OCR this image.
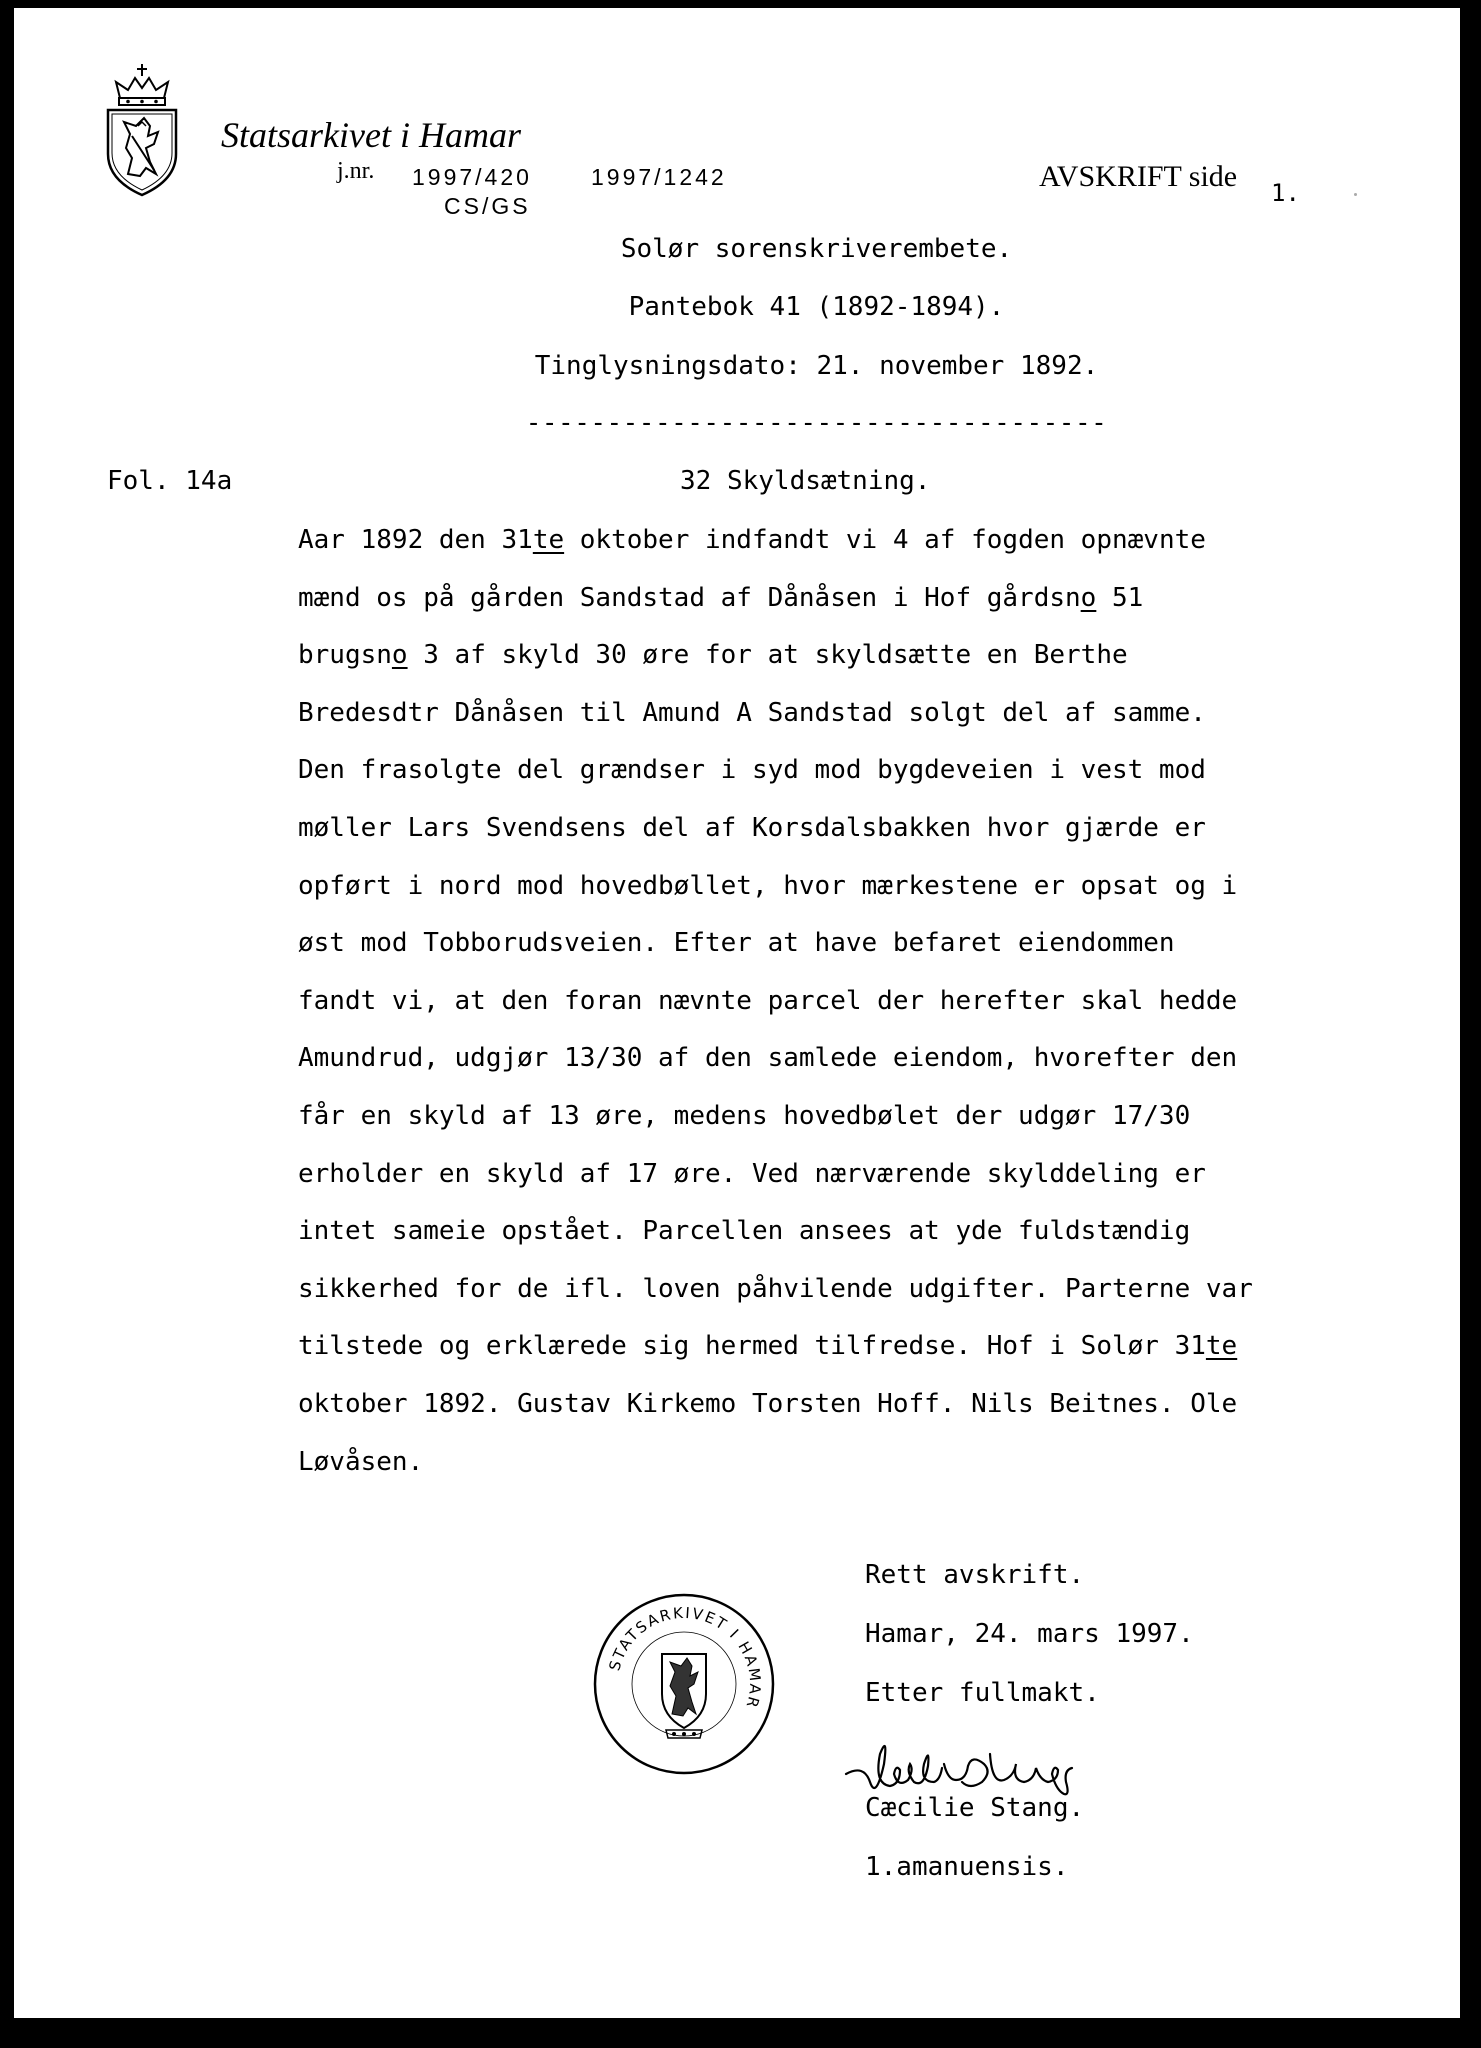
Statsarkivet i Hamar
j.nr. 1997/420	1997/1242
CS/GS
AVSKRIFT side 1.
Solør sorenskriverembete.
Pantebok 41 (1892-1894).
Tinglysningsdato: 21. november 1892.
------------------------------------
Fol. 14a	32 Skyldsætning.
Aar 1892 den 31te oktober indfandt vi 4 af fogden opnævnte
mænd os på gården Sandstad af Dånåsen i Hof gårdsno 51
brugsno 3 af skyld 30 øre for at skyldsætte en Berthe
Bredesdtr Dånåsen til Amund A Sandstad solgt del af samme.
Den frasolgte del grændser i syd mod bygdeveien i vest mod
møller Lars Svendsens del af Korsdalsbakken hvor gjærde er
opført i nord mod hovedbøllet, hvor mærkestene er opsat og i
øst mod Tobborudsveien. Efter at have befaret eiendommen
fandt vi, at den foran nævnte parcel der herefter skal hedde
Amundrud, udgjør 13/30 af den samlede eiendom, hvorefter den
får en skyld af 13 øre, medens hovedbølet der udgør 17/30
erholder en skyld af 17 øre. Ved nærværende skylddeling er
intet sameie opstået. Parcellen ansees at yde fuldstændig
sikkerhed for de ifl. loven påhvilende udgifter. Parterne var
tilstede og erklærede sig hermed tilfredse. Hof i Solør 31te
oktober 1892. Gustav Kirkemo Torsten Hoff. Nils Beitnes. Ole
Løvåsen.
STATSARKIVET I HAMAR
Rett avskrift.
Hamar, 24. mars 1997.
Etter fullmakt.
Cæcilie Stang.
1.amanuensis.
